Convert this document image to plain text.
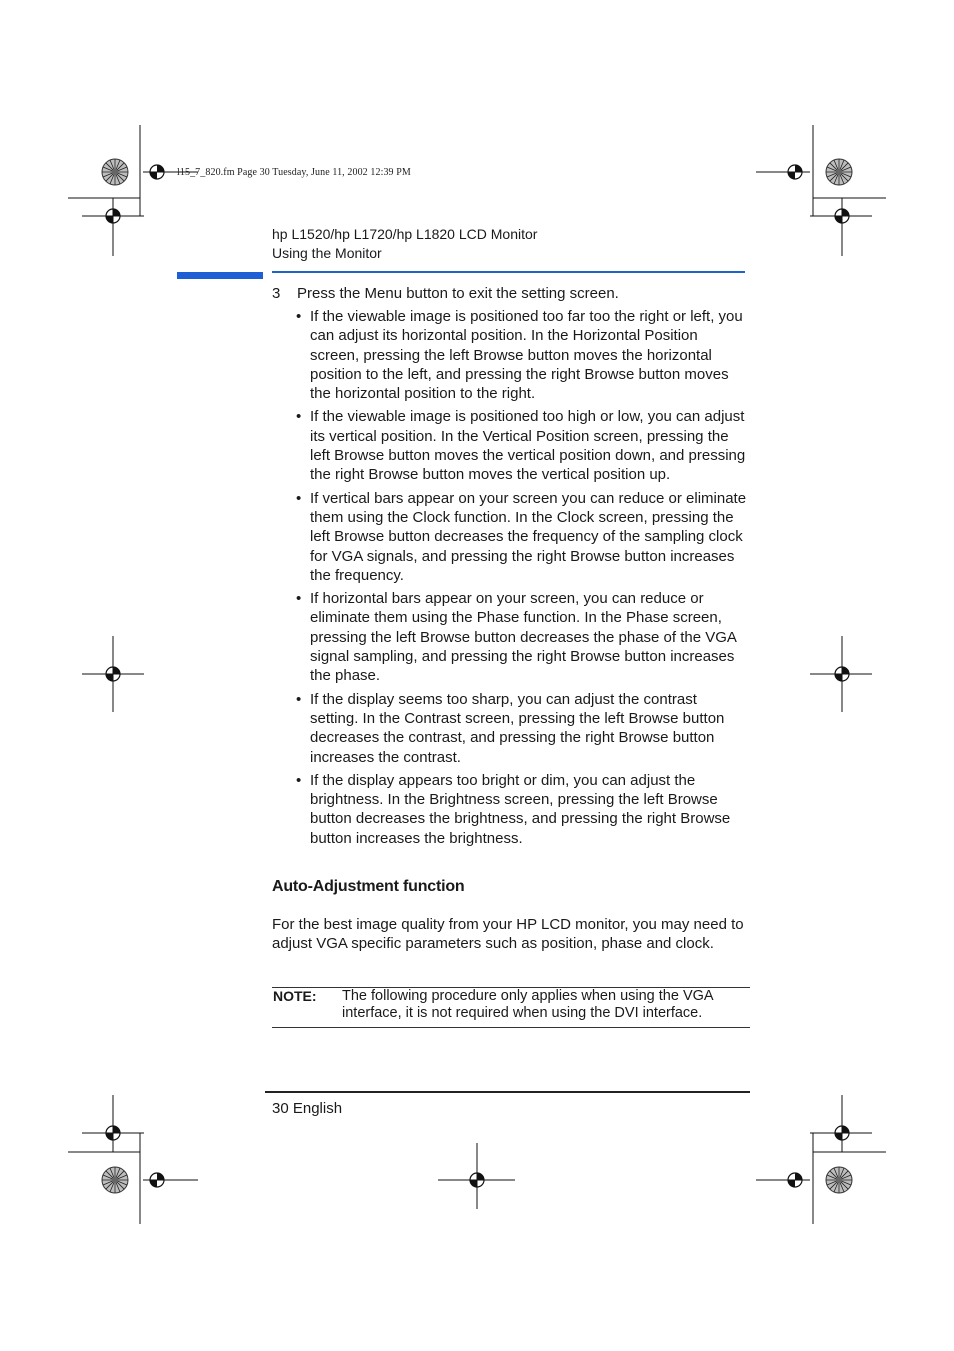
l15_7_820.fm Page 30 Tuesday, June 11, 2002 12:39 PM
hp L1520/hp L1720/hp L1820 LCD Monitor
Using the Monitor
3 Press the Menu button to exit the setting screen.
• If the viewable image is positioned too far too the right or left, you can adjust its horizontal position. In the Horizontal Position screen, pressing the left Browse button moves the horizontal position to the left, and pressing the right Browse button moves the horizontal position to the right.
• If the viewable image is positioned too high or low, you can adjust its vertical position. In the Vertical Position screen, pressing the left Browse button moves the vertical position down, and pressing the right Browse button moves the vertical position up.
• If vertical bars appear on your screen you can reduce or eliminate them using the Clock function. In the Clock screen, pressing the left Browse button decreases the frequency of the sampling clock for VGA signals, and pressing the right Browse button increases the frequency.
• If horizontal bars appear on your screen, you can reduce or eliminate them using the Phase function. In the Phase screen, pressing the left Browse button decreases the phase of the VGA signal sampling, and pressing the right Browse button increases the phase.
• If the display seems too sharp, you can adjust the contrast setting. In the Contrast screen, pressing the left Browse button decreases the contrast, and pressing the right Browse button increases the contrast.
• If the display appears too bright or dim, you can adjust the brightness. In the Brightness screen, pressing the left Browse button decreases the brightness, and pressing the right Browse button increases the brightness.
Auto-Adjustment function
For the best image quality from your HP LCD monitor, you may need to adjust VGA specific parameters such as position, phase and clock.
NOTE: The following procedure only applies when using the VGA interface, it is not required when using the DVI interface.
30 English
